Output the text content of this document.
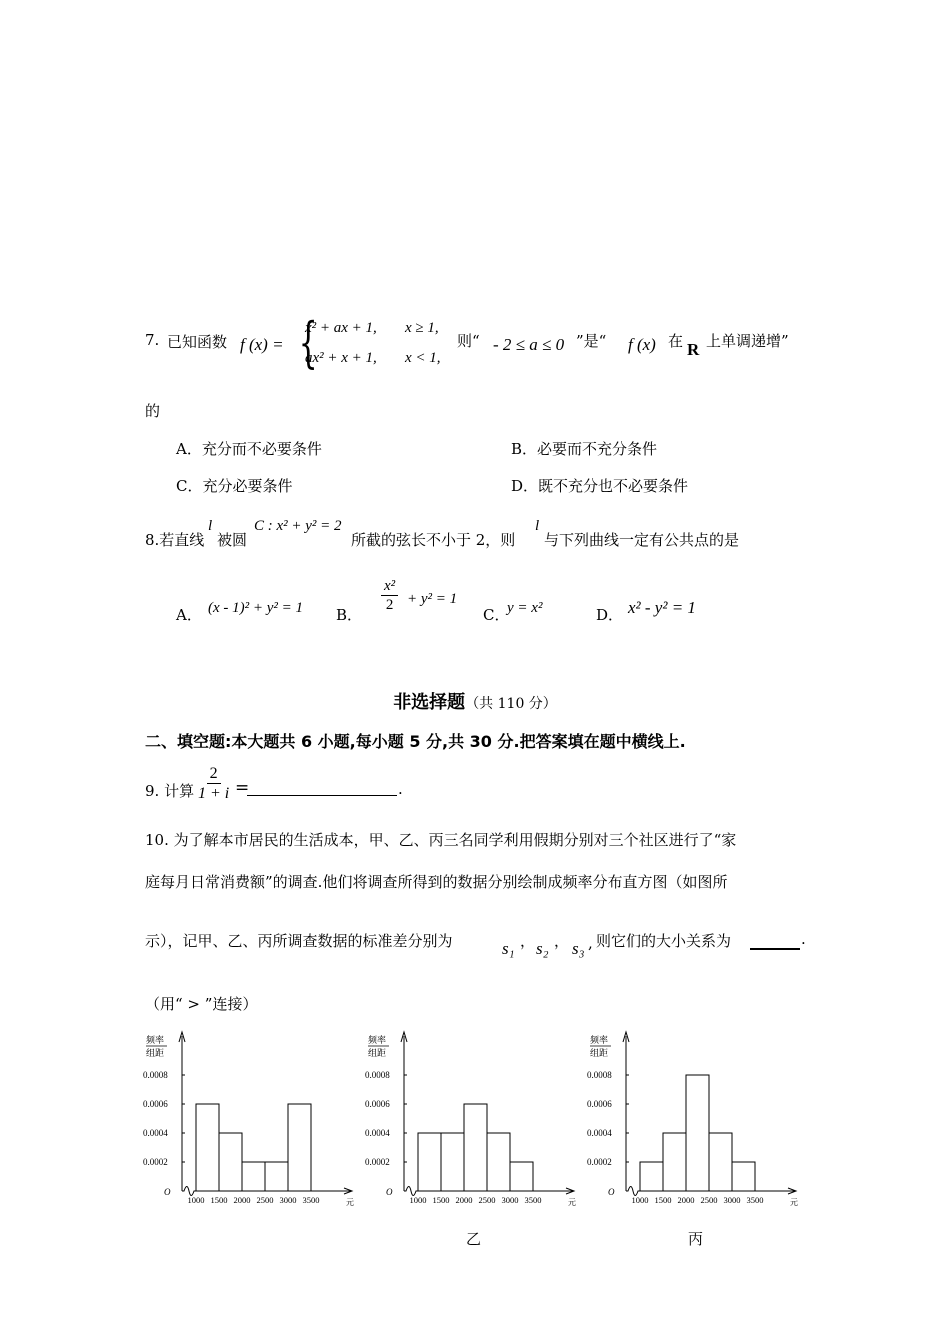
7. 已知函数 f (x) = {
x² + ax + 1, x ≥ 1,
ax² + x + 1, x < 1,
则“ - 2 ≤ a ≤ 0 ”是“ f (x) 在 R 上单调递增”
的
A．充分而不必要条件	B．必要而不充分条件
C．充分必要条件	D．既不充分也不必要条件
8.若直线
l
被圆
C : x² + y² = 2
所截的弦长不小于 2，则
l
与下列曲线一定有公共点的是
A． (x - 1)² + y² = 1 B．
$\frac{\text{x²}}{2} + y^2 = 1$
C．
y = x²	D． x² - y² = 1
非选择题（共 110 分）
二、填空题:本大题共 6 小题,每小题 5 分,共 30 分.把答案填在题中横线上.
9. 计算 $\frac{2}{1 + i}$ =	.
10. 为了解本市居民的生活成本，甲、乙、丙三名同学利用假期分别对三个社区进行了“家
庭每月日常消费额”的调查.他们将调查所得到的数据分别绘制成频率分布直方图（如图所
示），记甲、乙、丙所调查数据的标准差分别为	s₁ ， s₂ ， s₃ , 则它们的大小关系为	.
（用“ > ”连接）
频率
组距
0.0002
0.0004
0.0006
0.0008
O
元
1000 1500 2000 2500 3000 3500
频率
组距
0.0002
0.0004
0.0006
0.0008
O
元
1000 1500 2000 2500 3000 3500
频率
组距
0.0002
0.0004
0.0006
0.0008
O
元
1000 1500 2000 2500 3000 3500
乙	丙
